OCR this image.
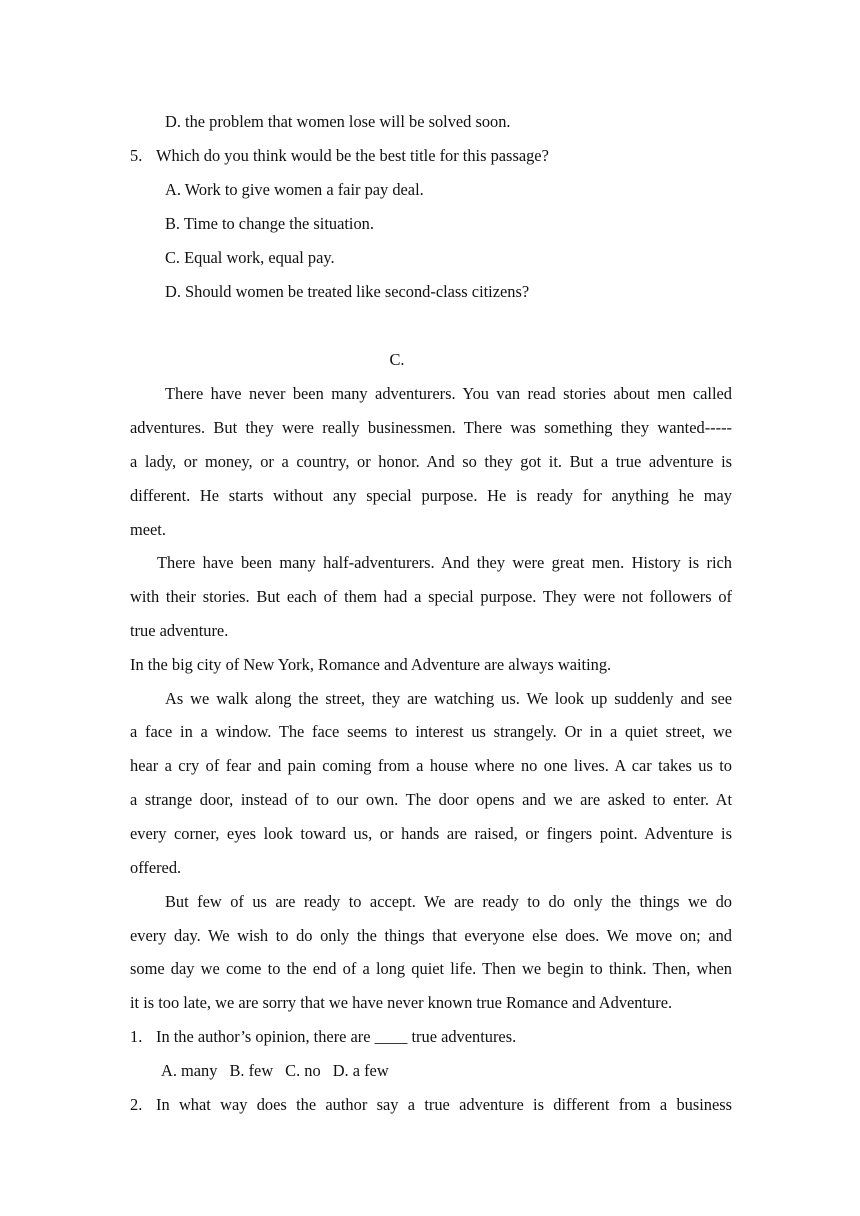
D. the problem that women lose will be solved soon.
5. Which do you think would be the best title for this passage?
A. Work to give women a fair pay deal.
B. Time to change the situation.
C. Equal work, equal pay.
D. Should women be treated like second-class citizens?
C.
There have never been many adventurers. You van read stories about men called
adventures. But they were really businessmen. There was something they wanted-----
a lady, or money, or a country, or honor. And so they got it. But a true adventure is
different. He starts without any special purpose. He is ready for anything he may
meet.
There have been many half-adventurers. And they were great men. History is rich
with their stories. But each of them had a special purpose. They were not followers of
true adventure.
In the big city of New York, Romance and Adventure are always waiting.
As we walk along the street, they are watching us. We look up suddenly and see
a face in a window. The face seems to interest us strangely. Or in a quiet street, we
hear a cry of fear and pain coming from a house where no one lives. A car takes us to
a strange door, instead of to our own. The door opens and we are asked to enter. At
every corner, eyes look toward us, or hands are raised, or fingers point. Adventure is
offered.
But few of us are ready to accept. We are ready to do only the things we do
every day. We wish to do only the things that everyone else does. We move on; and
some day we come to the end of a long quiet life. Then we begin to think. Then, when
it is too late, we are sorry that we have never known true Romance and Adventure.
1. In the author’s opinion, there are ____ true adventures.
A. many B. few C. no D. a few
2. In what way does the author say a true adventure is different from a business
